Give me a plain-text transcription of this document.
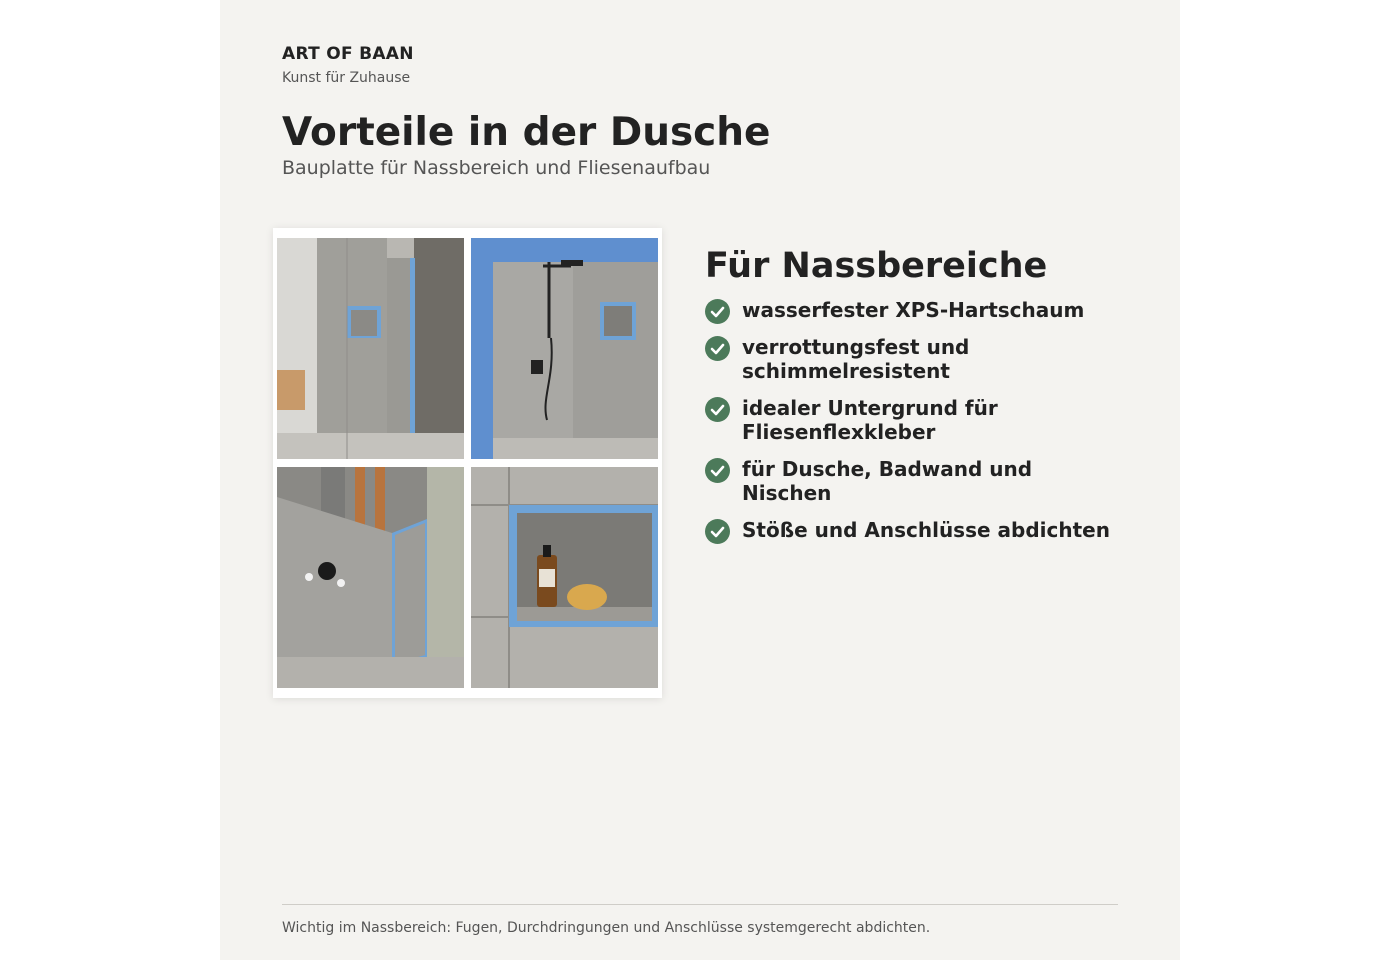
ART OF BAAN
Kunst für Zuhause
Vorteile in der Dusche
Bauplatte für Nassbereich und Fliesenaufbau
Für Nassbereiche
wasserfester XPS-Hartschaum
verrottungsfest und schimmelresistent
idealer Untergrund für Fliesenflexkleber
für Dusche, Badwand und Nischen
Stöße und Anschlüsse abdichten
Wichtig im Nassbereich: Fugen, Durchdringungen und Anschlüsse systemgerecht abdichten.
